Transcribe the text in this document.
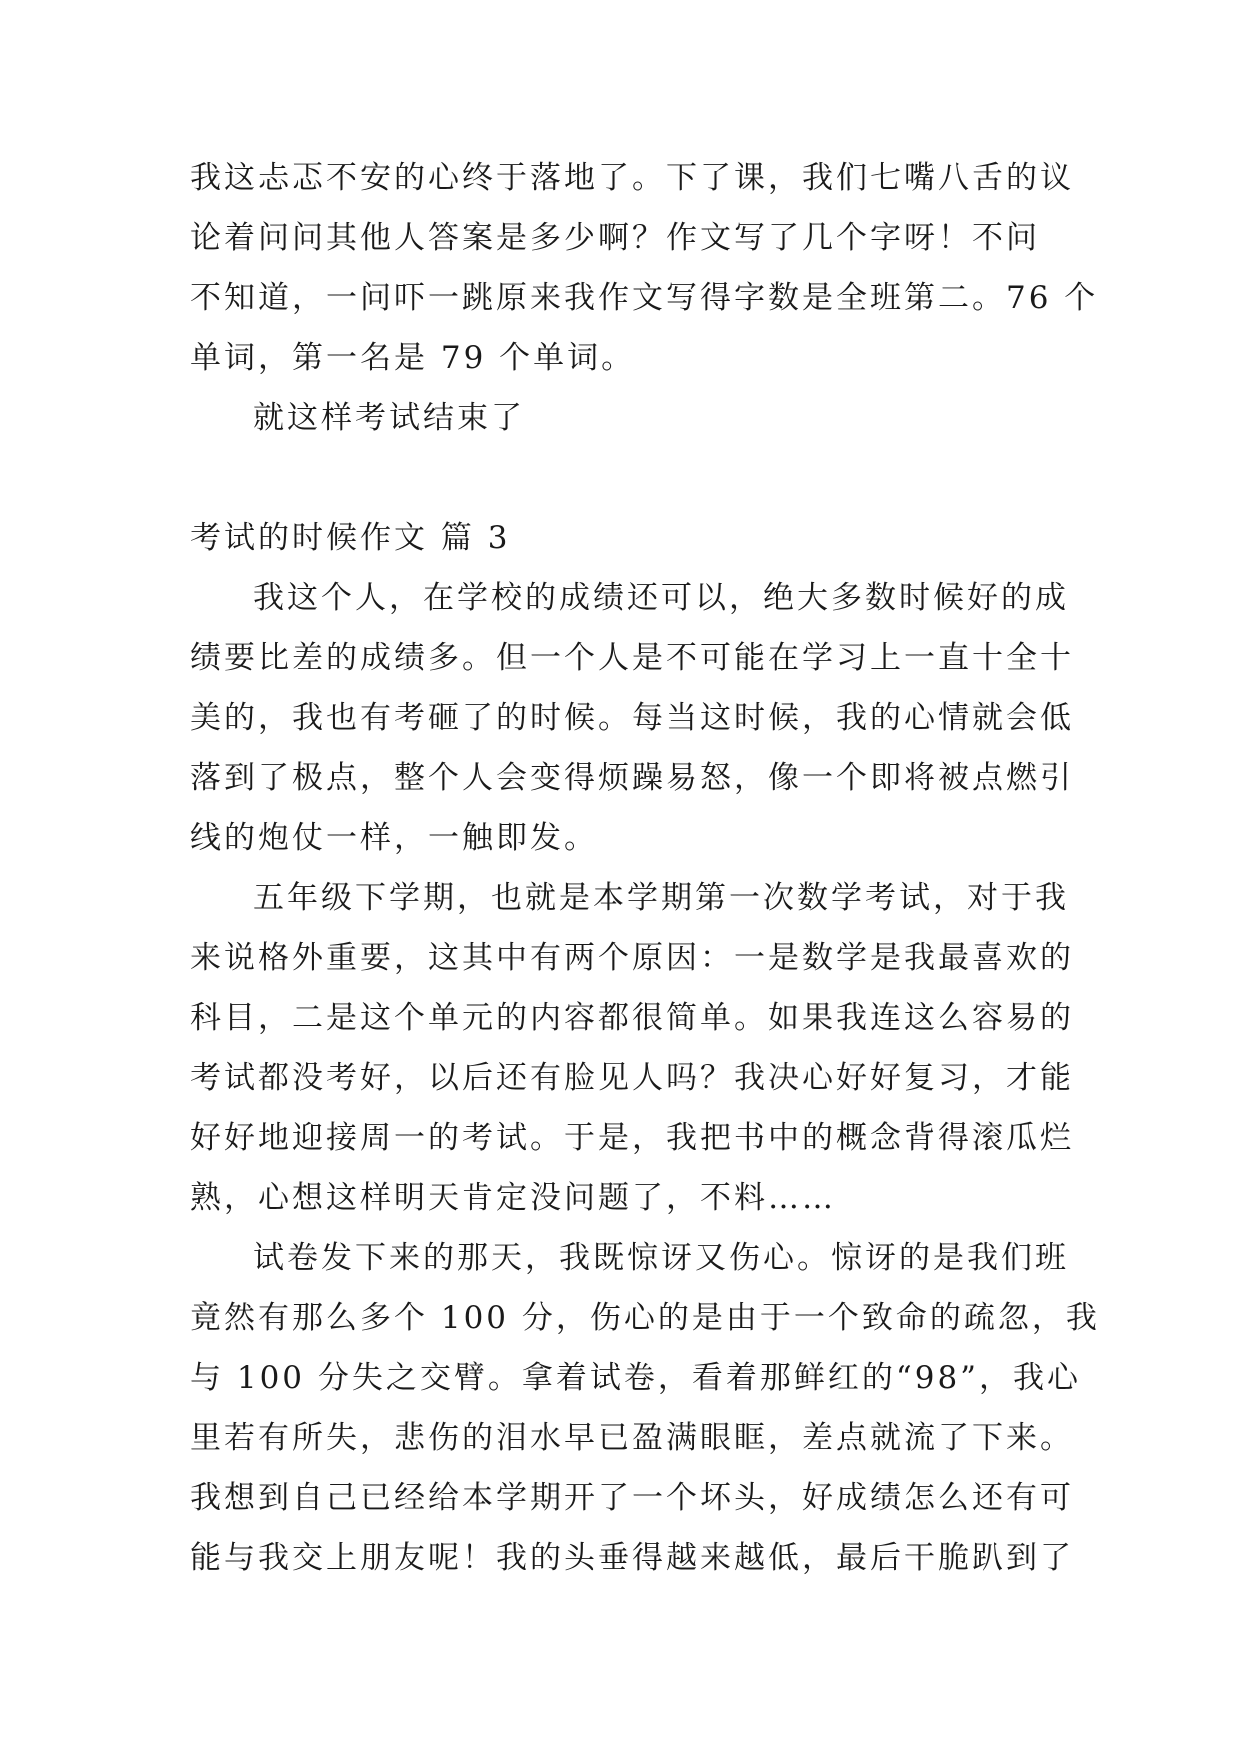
我这忐忑不安的心终于落地了。下了课，我们七嘴八舌的议
论着问问其他人答案是多少啊？作文写了几个字呀！不问
不知道，一问吓一跳原来我作文写得字数是全班第二。76 个
单词，第一名是 79 个单词。
就这样考试结束了
考试的时候作文 篇 3
我这个人，在学校的成绩还可以，绝大多数时候好的成
绩要比差的成绩多。但一个人是不可能在学习上一直十全十
美的，我也有考砸了的时候。每当这时候，我的心情就会低
落到了极点，整个人会变得烦躁易怒，像一个即将被点燃引
线的炮仗一样，一触即发。
五年级下学期，也就是本学期第一次数学考试，对于我
来说格外重要，这其中有两个原因：一是数学是我最喜欢的
科目，二是这个单元的内容都很简单。如果我连这么容易的
考试都没考好，以后还有脸见人吗？我决心好好复习，才能
好好地迎接周一的考试。于是，我把书中的概念背得滚瓜烂
熟，心想这样明天肯定没问题了，不料……
试卷发下来的那天，我既惊讶又伤心。惊讶的是我们班
竟然有那么多个 100 分，伤心的是由于一个致命的疏忽，我
与 100 分失之交臂。拿着试卷，看着那鲜红的“98”，我心
里若有所失，悲伤的泪水早已盈满眼眶，差点就流了下来。
我想到自己已经给本学期开了一个坏头，好成绩怎么还有可
能与我交上朋友呢！我的头垂得越来越低，最后干脆趴到了
